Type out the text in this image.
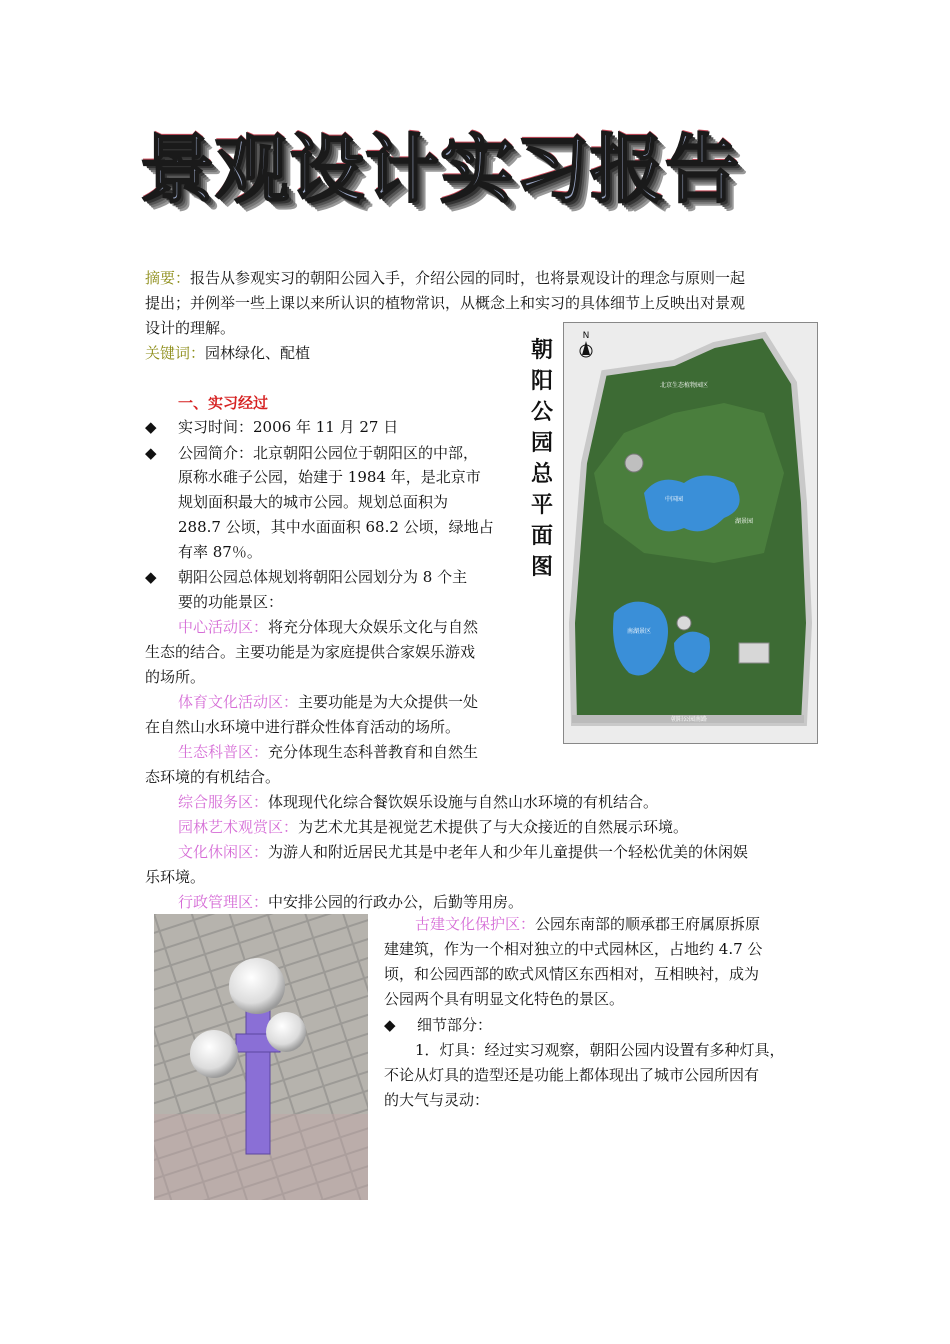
景观设计实习报告
摘要：报告从参观实习的朝阳公园入手，介绍公园的同时，也将景观设计的理念与原则一起
提出；并例举一些上课以来所认识的植物常识，从概念上和实习的具体细节上反映出对景观
设计的理解。
关键词：园林绿化、配植	朝阳公园总平面图
N
北京生态植物园区
中国园
湖景园
南湖景区
朝阳公园南路
一、实习经过
◆ 实习时间：2006 年 11 月 27 日
◆ 公园简介：北京朝阳公园位于朝阳区的中部，
原称水碓子公园，始建于 1984 年，是北京市
规划面积最大的城市公园。规划总面积为
288.7 公顷，其中水面面积 68.2 公顷，绿地占
有率 87％。
◆ 朝阳公园总体规划将朝阳公园划分为 8 个主
要的功能景区：
中心活动区：将充分体现大众娱乐文化与自然
生态的结合。主要功能是为家庭提供合家娱乐游戏
的场所。
体育文化活动区：主要功能是为大众提供一处
在自然山水环境中进行群众性体育活动的场所。
生态科普区：充分体现生态科普教育和自然生
态环境的有机结合。
综合服务区：体现现代化综合餐饮娱乐设施与自然山水环境的有机结合。
园林艺术观赏区：为艺术尤其是视觉艺术提供了与大众接近的自然展示环境。
文化休闲区：为游人和附近居民尤其是中老年人和少年儿童提供一个轻松优美的休闲娱
乐环境。
行政管理区：中安排公园的行政办公，后勤等用房。
古建文化保护区：公园东南部的顺承郡王府属原拆原
建建筑，作为一个相对独立的中式园林区，占地约 4.7 公
顷，和公园西部的欧式风情区东西相对，互相映衬，成为
公园两个具有明显文化特色的景区。
◆ 细节部分：
1．灯具：经过实习观察，朝阳公园内设置有多种灯具，
不论从灯具的造型还是功能上都体现出了城市公园所因有
的大气与灵动：
